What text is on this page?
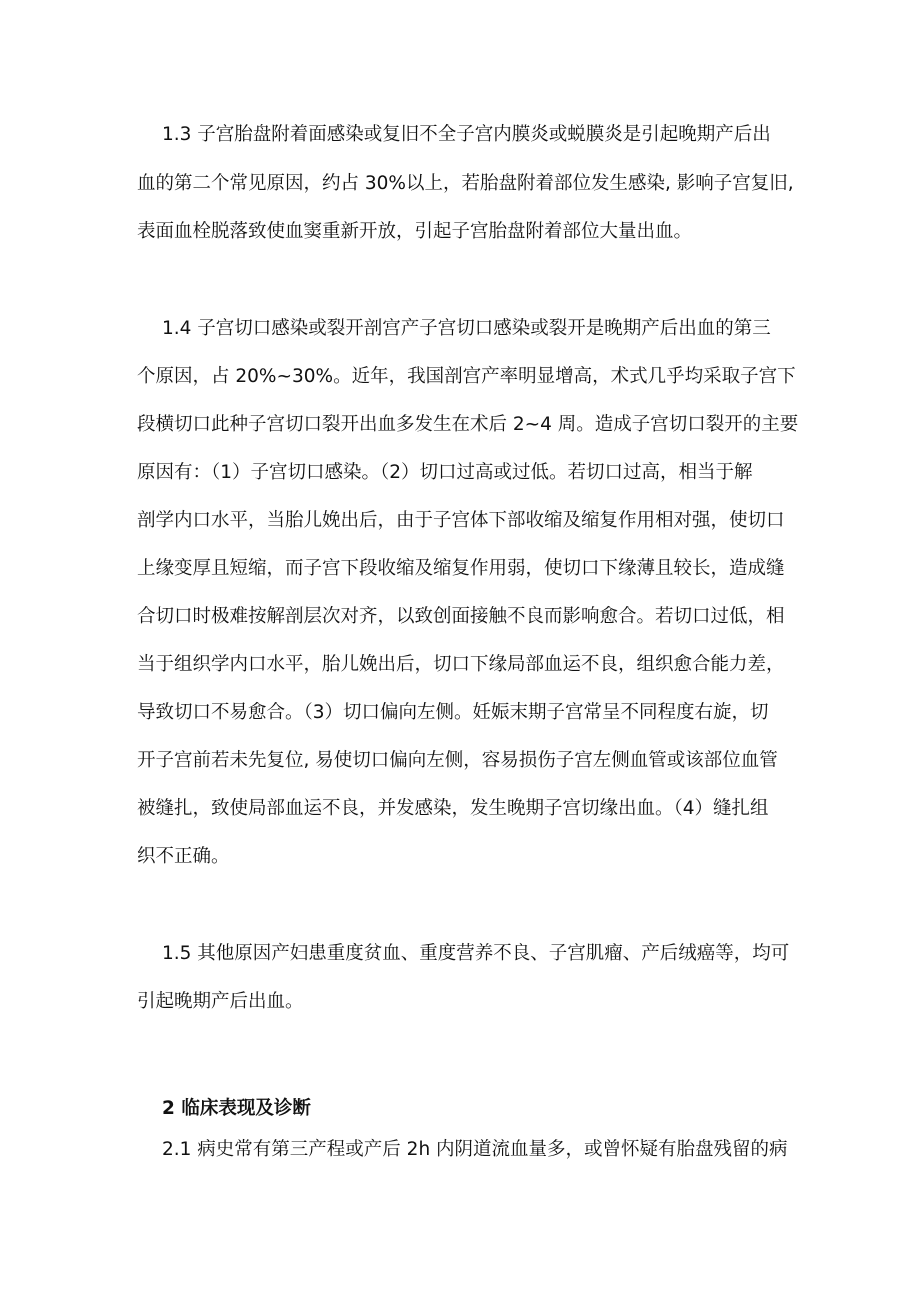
1.3 子宫胎盘附着面感染或复旧不全子宫内膜炎或蜕膜炎是引起晚期产后出

血的第二个常见原因，约占 30%以上，若胎盘附着部位发生感染, 影响子宫复旧,

表面血栓脱落致使血窦重新开放，引起子宫胎盘附着部位大量出血。

1.4 子宫切口感染或裂开剖宫产子宫切口感染或裂开是晚期产后出血的第三

个原因，占 20%~30%。近年，我国剖宫产率明显增高，术式几乎均采取子宫下

段横切口此种子宫切口裂开出血多发生在术后 2~4 周。造成子宫切口裂开的主要

原因有：（1）子宫切口感染。（2）切口过高或过低。若切口过高，相当于解

剖学内口水平，当胎儿娩出后，由于子宫体下部收缩及缩复作用相对强，使切口

上缘变厚且短缩，而子宫下段收缩及缩复作用弱，使切口下缘薄且较长，造成缝

合切口时极难按解剖层次对齐，以致创面接触不良而影响愈合。若切口过低，相

当于组织学内口水平，胎儿娩出后，切口下缘局部血运不良，组织愈合能力差，

导致切口不易愈合。（3）切口偏向左侧。妊娠末期子宫常呈不同程度右旋，切

开子宫前若未先复位, 易使切口偏向左侧，容易损伤子宫左侧血管或该部位血管

被缝扎，致使局部血运不良，并发感染，发生晚期子宫切缘出血。（4）缝扎组

织不正确。

1.5 其他原因产妇患重度贫血、重度营养不良、子宫肌瘤、产后绒癌等，均可

引起晚期产后出血。

2 临床表现及诊断

2.1 病史常有第三产程或产后 2h 内阴道流血量多，或曾怀疑有胎盘残留的病
